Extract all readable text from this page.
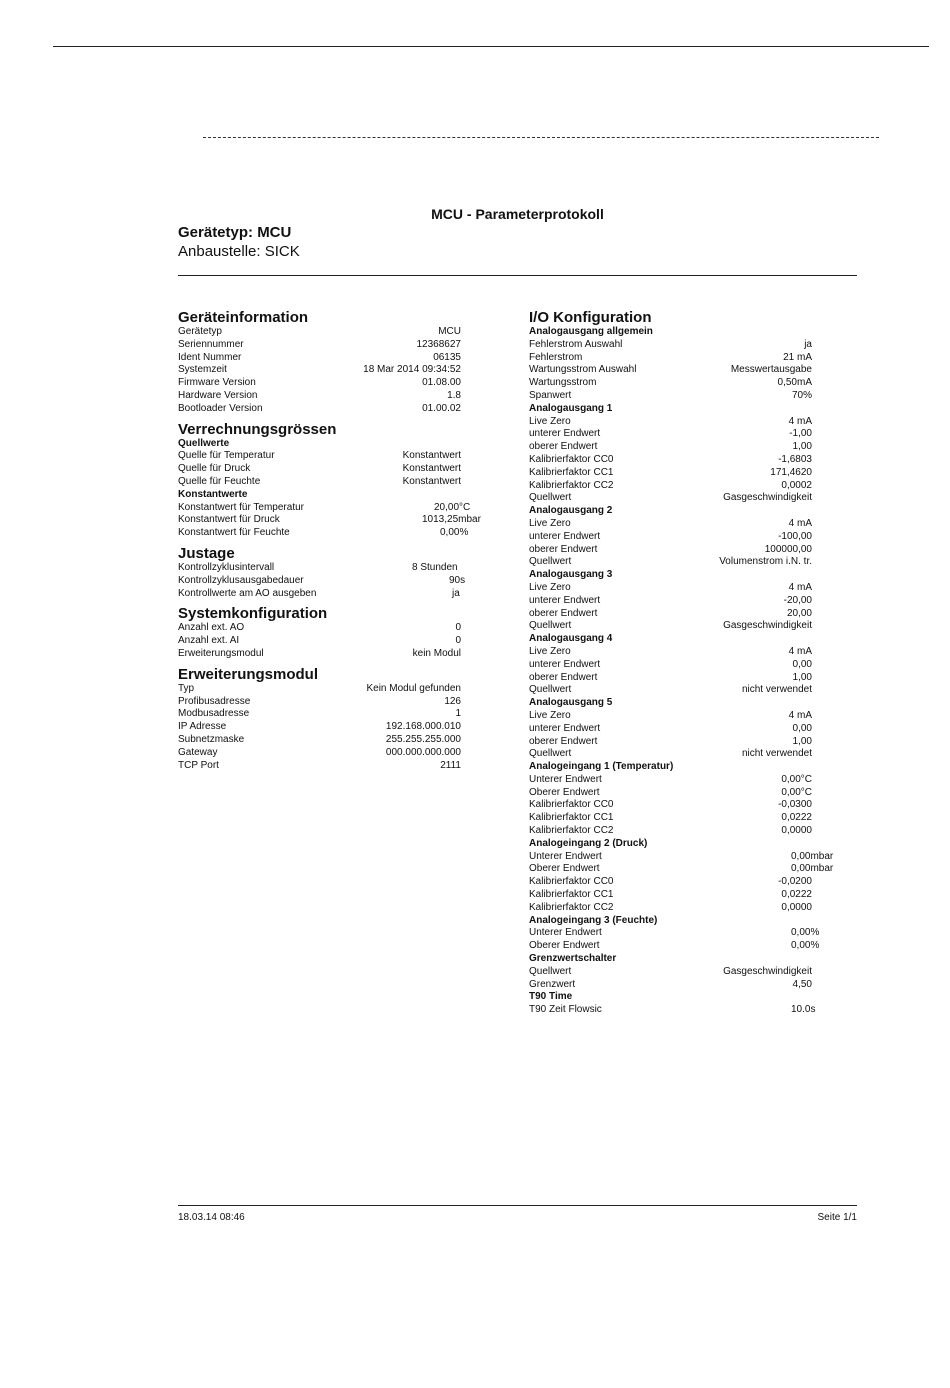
MCU - Parameterprotokoll
Gerätetyp: MCU
Anbaustelle: SICK
Geräteinformation
Gerätetyp	MCU
Seriennummer	12368627
Ident Nummer	06135
Systemzeit	18 Mar 2014 09:34:52
Firmware Version	01.08.00
Hardware Version	1.8
Bootloader Version	01.00.02
Verrechnungsgrössen
Quellwerte
Quelle für Temperatur	Konstantwert
Quelle für Druck	Konstantwert
Quelle für Feuchte	Konstantwert
Konstantwerte
Konstantwert für Temperatur	20,00°C
Konstantwert für Druck	1013,25mbar
Konstantwert für Feuchte	0,00%
Justage
Kontrollzyklusintervall	8 Stunden
Kontrollzyklusausgabedauer	90s
Kontrollwerte am AO ausgeben	ja
Systemkonfiguration
Anzahl ext. AO	0
Anzahl ext. AI	0
Erweiterungsmodul	kein Modul
Erweiterungsmodul
Typ	Kein Modul gefunden
Profibusadresse	126
Modbusadresse	1
IP Adresse	192.168.000.010
Subnetzmaske	255.255.255.000
Gateway	000.000.000.000
TCP Port	2111
I/O Konfiguration
Analogausgang allgemein
Fehlerstrom Auswahl	ja
Fehlerstrom	21 mA
Wartungsstrom Auswahl	Messwertausgabe
Wartungsstrom	0,50mA
Spanwert	70%
Analogausgang 1
Live Zero	4 mA
unterer Endwert	-1,00
oberer Endwert	1,00
Kalibrierfaktor CC0	-1,6803
Kalibrierfaktor CC1	171,4620
Kalibrierfaktor CC2	0,0002
Quellwert	Gasgeschwindigkeit
Analogausgang 2
Live Zero	4 mA
unterer Endwert	-100,00
oberer Endwert	100000,00
Quellwert	Volumenstrom i.N. tr.
Analogausgang 3
Live Zero	4 mA
unterer Endwert	-20,00
oberer Endwert	20,00
Quellwert	Gasgeschwindigkeit
Analogausgang 4
Live Zero	4 mA
unterer Endwert	0,00
oberer Endwert	1,00
Quellwert	nicht verwendet
Analogausgang 5
Live Zero	4 mA
unterer Endwert	0,00
oberer Endwert	1,00
Quellwert	nicht verwendet
Analogeingang 1 (Temperatur)
Unterer Endwert	0,00°C
Oberer Endwert	0,00°C
Kalibrierfaktor CC0	-0,0300
Kalibrierfaktor CC1	0,0222
Kalibrierfaktor CC2	0,0000
Analogeingang 2 (Druck)
Unterer Endwert	0,00mbar
Oberer Endwert	0,00mbar
Kalibrierfaktor CC0	-0,0200
Kalibrierfaktor CC1	0,0222
Kalibrierfaktor CC2	0,0000
Analogeingang 3 (Feuchte)
Unterer Endwert	0,00%
Oberer Endwert	0,00%
Grenzwertschalter
Quellwert	Gasgeschwindigkeit
Grenzwert	4,50
T90 Time
T90 Zeit Flowsic	10.0s
18.03.14 08:46	Seite 1/1
